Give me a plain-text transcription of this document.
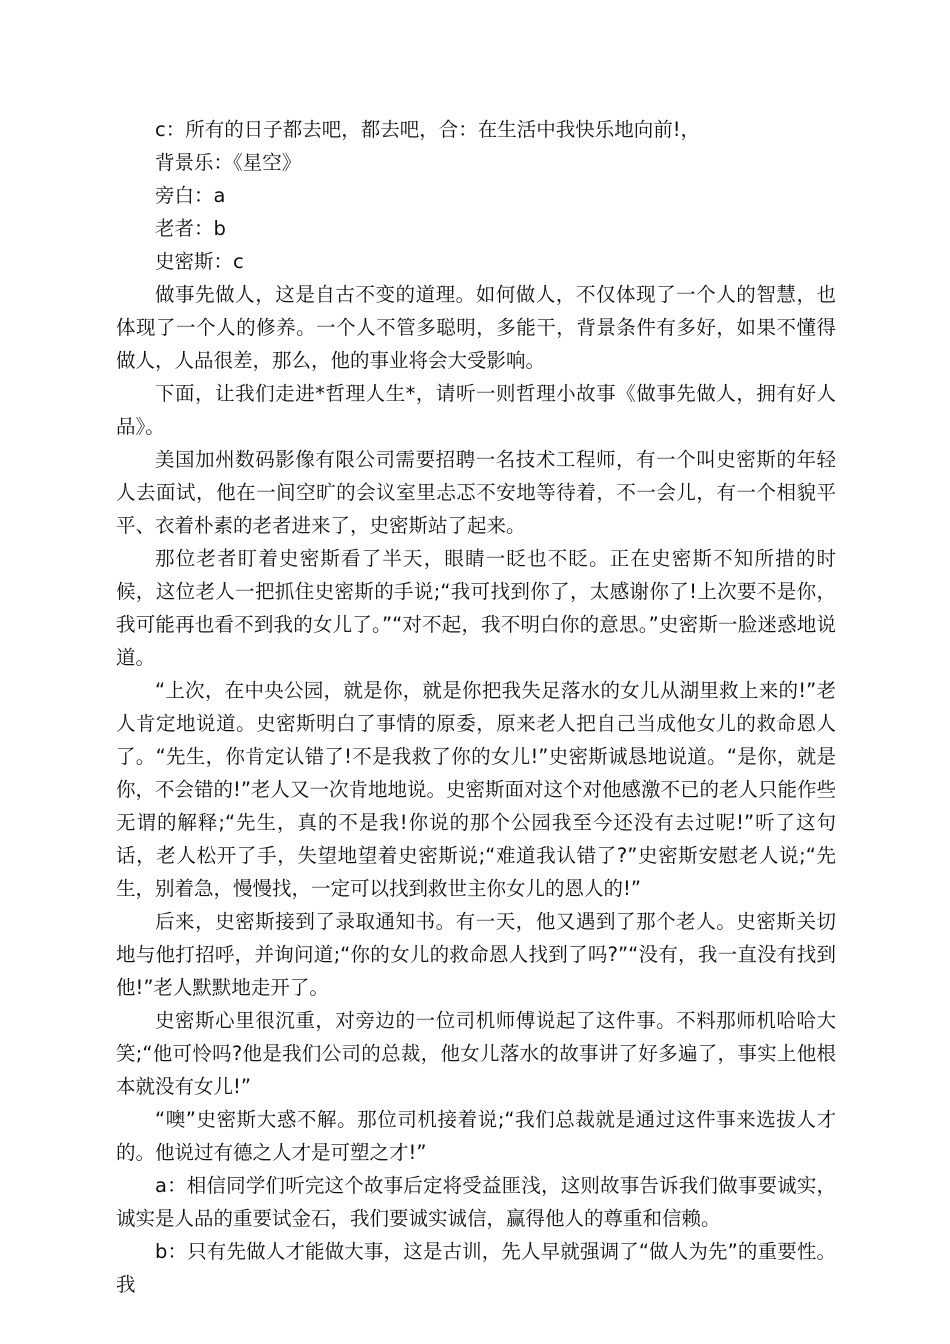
c：所有的日子都去吧，都去吧，合：在生活中我快乐地向前!，

背景乐：《星空》

旁白：a

老者：b

史密斯：c

做事先做人，这是自古不变的道理。如何做人，不仅体现了一个人的智慧，也体现了一个人的修养。一个人不管多聪明，多能干，背景条件有多好，如果不懂得做人，人品很差，那么，他的事业将会大受影响。

下面，让我们走进*哲理人生*，请听一则哲理小故事《做事先做人，拥有好人品》。

美国加州数码影像有限公司需要招聘一名技术工程师，有一个叫史密斯的年轻人去面试，他在一间空旷的会议室里忐忑不安地等待着，不一会儿，有一个相貌平平、衣着朴素的老者进来了，史密斯站了起来。

那位老者盯着史密斯看了半天，眼睛一眨也不眨。正在史密斯不知所措的时候，这位老人一把抓住史密斯的手说;“我可找到你了，太感谢你了!上次要不是你，我可能再也看不到我的女儿了。”“对不起，我不明白你的意思。”史密斯一脸迷惑地说道。

“上次，在中央公园，就是你，就是你把我失足落水的女儿从湖里救上来的!”老人肯定地说道。史密斯明白了事情的原委，原来老人把自己当成他女儿的救命恩人了。“先生，你肯定认错了!不是我救了你的女儿!”史密斯诚恳地说道。“是你，就是你，不会错的!”老人又一次肯地地说。史密斯面对这个对他感激不已的老人只能作些无谓的解释;“先生，真的不是我!你说的那个公园我至今还没有去过呢!”听了这句话，老人松开了手，失望地望着史密斯说;“难道我认错了?”史密斯安慰老人说;“先生，别着急，慢慢找，一定可以找到救世主你女儿的恩人的!”

后来，史密斯接到了录取通知书。有一天，他又遇到了那个老人。史密斯关切地与他打招呼，并询问道;“你的女儿的救命恩人找到了吗?”“没有，我一直没有找到他!”老人默默地走开了。

史密斯心里很沉重，对旁边的一位司机师傅说起了这件事。不料那师机哈哈大笑;“他可怜吗?他是我们公司的总裁，他女儿落水的故事讲了好多遍了，事实上他根本就没有女儿!”

“噢”史密斯大惑不解。那位司机接着说;“我们总裁就是通过这件事来选拔人才的。他说过有德之人才是可塑之才!”

a：相信同学们听完这个故事后定将受益匪浅，这则故事告诉我们做事要诚实，诚实是人品的重要试金石，我们要诚实诚信，赢得他人的尊重和信赖。

b：只有先做人才能做大事，这是古训，先人早就强调了“做人为先”的重要性。我
